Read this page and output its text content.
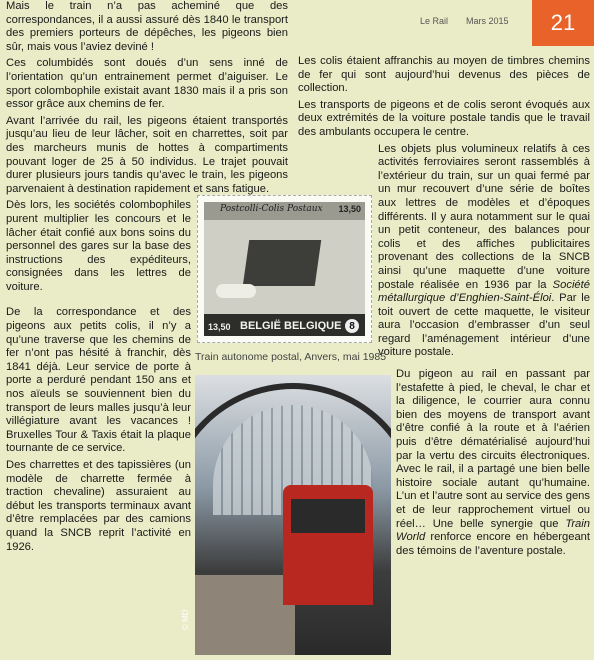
Le Rail Mars 2015 21

Mais le train n’a pas acheminé que des correspondances, il a aussi assuré dès 1840 le transport des premiers porteurs de dépêches, les pigeons bien sûr, mais vous l’aviez deviné !

Ces columbidés sont doués d’un sens inné de l’orientation qu’un entrainement permet d’aiguiser. Le sport colombophile existait avant 1830 mais il a pris son essor grâce aux chemins de fer.

Avant l’arrivée du rail, les pigeons étaient transportés jusqu’au lieu de leur lâcher, soit en charrettes, soit par des marcheurs munis de hottes à compartiments pouvant loger de 25 à 50 individus. Le trajet pouvait durer plusieurs jours tandis qu’avec le train, les pigeons parvenaient à destination rapidement et sans fatigue.

Dès lors, les sociétés colombophiles purent multiplier les concours et le lâcher était confié aux bons soins du personnel des gares sur la base des instructions des expéditeurs, consignées dans les lettres de voiture.

De la correspondance et des pigeons aux petits colis, il n’y a qu’une traverse que les chemins de fer n’ont pas hésité à franchir, dès 1841 déjà. Leur service de porte à porte a perduré pendant 150 ans et nos aïeuls se souviennent bien du transport de leurs malles jusqu’à leur villégiature avant les vacances ! Bruxelles Tour & Taxis était la plaque tournante de ce service.

Des charrettes et des tapissières (un modèle de charrette fermée à traction chevaline) assuraient au début les transports terminaux avant d’être remplacées par des camions quand la SNCB reprit l’activité en 1926.

Les colis étaient affranchis au moyen de timbres chemins de fer qui sont aujourd’hui devenus des pièces de collection.

Les transports de pigeons et de colis seront évoqués aux deux extrémités de la voiture postale tandis que le travail des ambulants occupera le centre.

Les objets plus volumineux relatifs à ces activités ferroviaires seront rassemblés à l’extérieur du train, sur un quai fermé par un mur recouvert d’une série de boîtes aux lettres de modèles et d’époques différents. Il y aura notamment sur le quai un petit conteneur, des balances pour colis et des affiches publicitaires provenant des collections de la SNCB ainsi qu’une maquette d’une voiture postale réalisée en 1936 par la Société métallurgique d’Enghien-Saint-Éloi. Par le toit ouvert de cette maquette, le visiteur aura l’occasion d’embrasser d’un seul regard l’aménagement intérieur d’une voiture postale.

Du pigeon au rail en passant par l’estafette à pied, le cheval, le char et la diligence, le courrier aura connu bien des moyens de transport avant d’être confié à la route et à l’aérien puis d’être dématérialisé aujourd’hui par la vertu des circuits électroniques. Avec le rail, il a partagé une bien belle histoire sociale autant qu’humaine. L’un et l’autre sont au service des gens et de leur rapprochement virtuel ou réel… Une belle synergie que Train World renforce encore en hébergeant des témoins de l’aventure postale.

Postcolli-Colis Postaux 13,50
13,50 BELGIË BELGIQUE 8
Train autonome postal, Anvers, mai 1985
© MD
